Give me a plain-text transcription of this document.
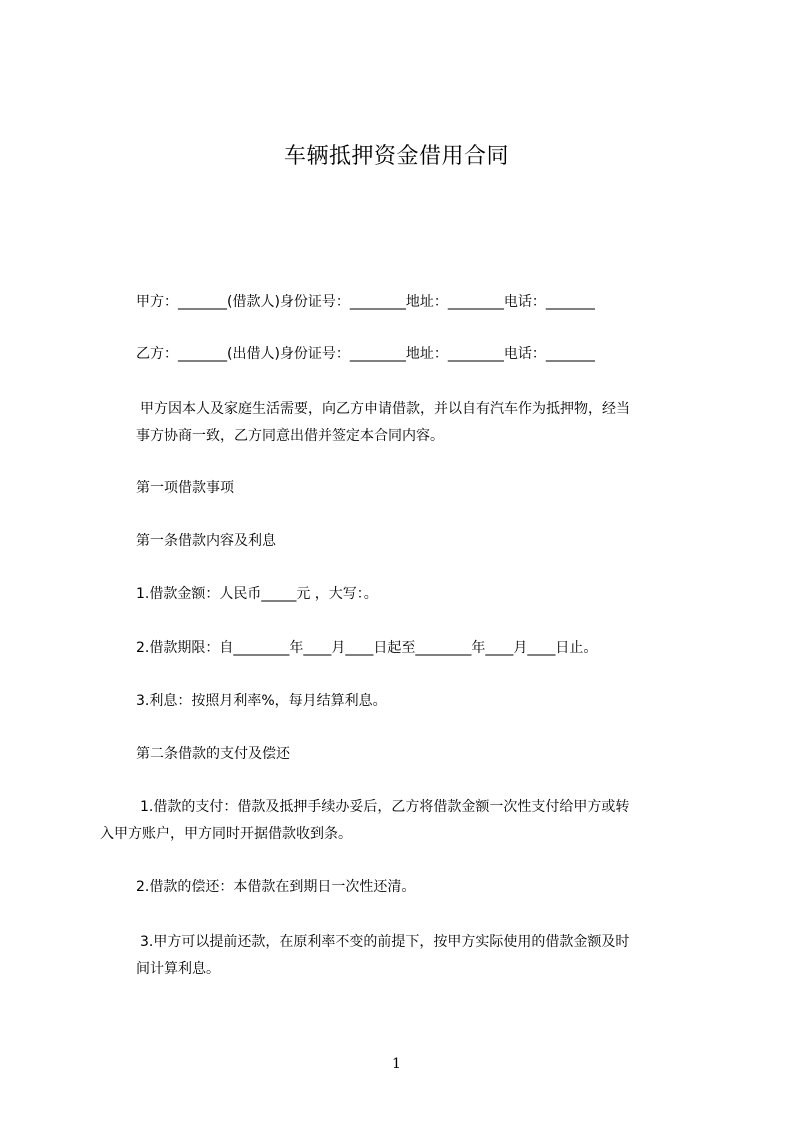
车辆抵押资金借用合同
甲方：_______(借款人)身份证号：________地址：________电话：_______
乙方：_______(出借人)身份证号：________地址：________电话：_______
甲方因本人及家庭生活需要，向乙方申请借款，并以自有汽车作为抵押物，经当
事方协商一致，乙方同意出借并签定本合同内容。
第一项借款事项
第一条借款内容及利息
1.借款金额：人民币_____元 ，大写：。
2.借款期限：自________年____月____日起至________年____月____日止。
3.利息：按照月利率%，每月结算利息。
第二条借款的支付及偿还
1.借款的支付：借款及抵押手续办妥后，乙方将借款金额一次性支付给甲方或转
入甲方账户，甲方同时开据借款收到条。
2.借款的偿还：本借款在到期日一次性还清。
3.甲方可以提前还款，在原利率不变的前提下，按甲方实际使用的借款金额及时
间计算利息。
1
